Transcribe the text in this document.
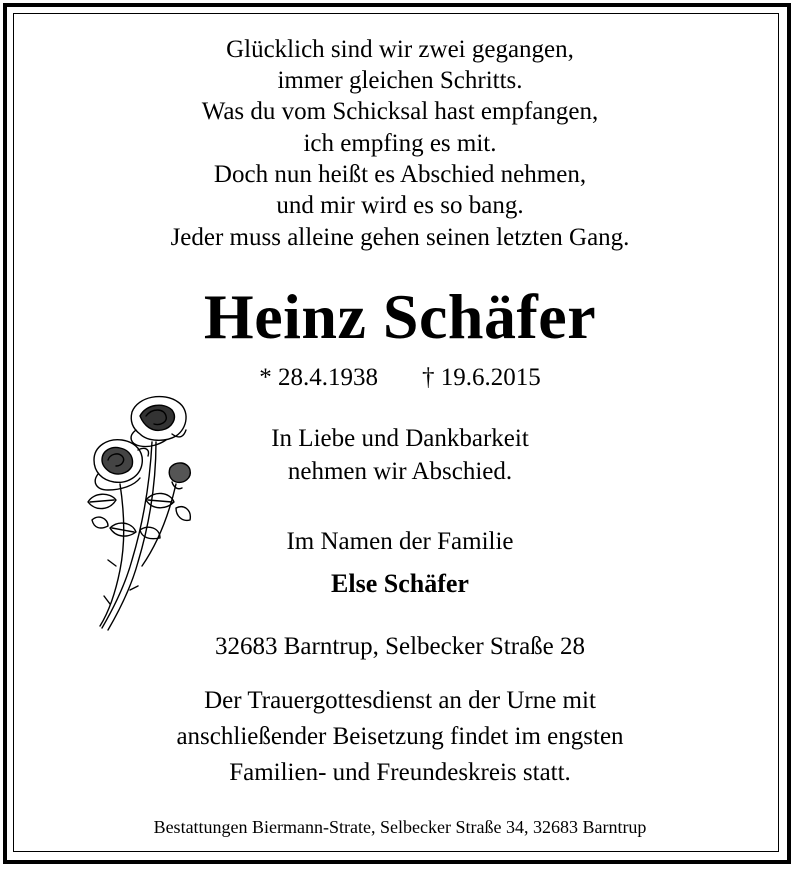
Glücklich sind wir zwei gegangen,
immer gleichen Schritts.
Was du vom Schicksal hast empfangen,
ich empfing es mit.
Doch nun heißt es Abschied nehmen,
und mir wird es so bang.
Jeder muss alleine gehen seinen letzten Gang.
Heinz Schäfer
* 28.4.1938 † 19.6.2015
In Liebe und Dankbarkeit
nehmen wir Abschied.
Im Namen der Familie
Else Schäfer
32683 Barntrup, Selbecker Straße 28
Der Trauergottesdienst an der Urne mit
anschließender Beisetzung findet im engsten
Familien- und Freundeskreis statt.
Bestattungen Biermann-Strate, Selbecker Straße 34, 32683 Barntrup
